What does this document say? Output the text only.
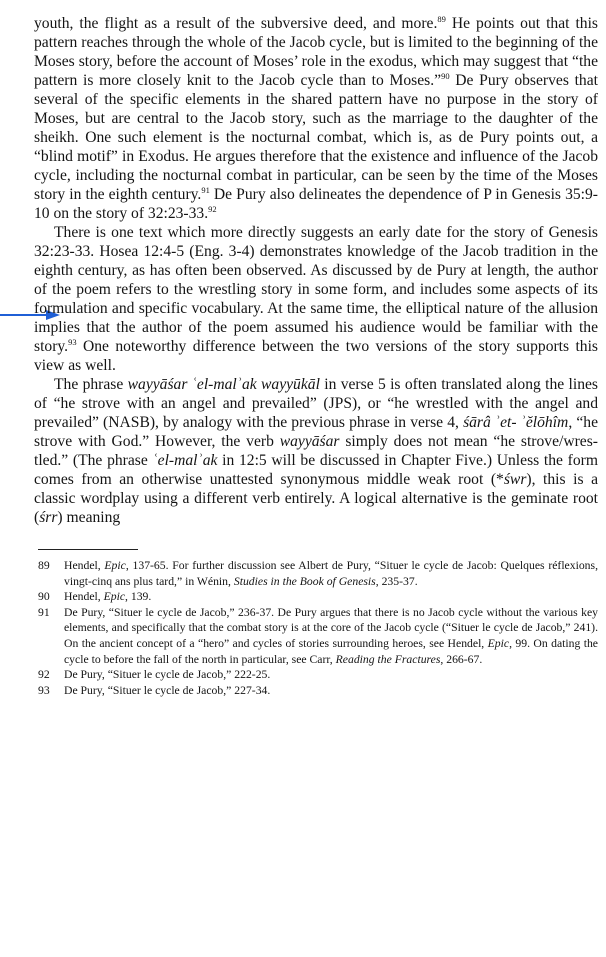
youth, the flight as a result of the subversive deed, and more.$^{89}$ He points out that this pattern reaches through the whole of the Jacob cycle, but is limited to the beginning of the Moses story, before the account of Moses’ role in the exodus, which may suggest that “the pattern is more closely knit to the Jacob cycle than to Moses.”$^{90}$ De Pury observes that several of the specific elements in the shared pattern have no purpose in the story of Moses, but are central to the Jacob story, such as the marriage to the daughter of the sheikh. One such element is the nocturnal combat, which is, as de Pury points out, a “blind motif” in Exodus. He argues therefore that the existence and influence of the Jacob cycle, including the nocturnal combat in particular, can be seen by the time of the Moses story in the eighth century.$^{91}$ De Pury also delineates the dependence of P in Genesis 35:9-10 on the story of 32:23-33.92

There is one text which more directly suggests an early date for the story of Genesis 32:23-33. Hosea 12:4-5 (Eng. 3-4) demonstrates knowledge of the Jacob tradition in the eighth century, as has often been observed. As discussed by de Pury at length, the author of the poem refers to the wrestling story in some form, and includes some aspects of its formulation and specific vocabulary. At the same time, the elliptical nature of the allusion implies that the author of the poem assumed his audience would be familiar with the story.$^{93}$ One noteworthy difference between the two versions of the story supports this view as well.

The phrase wayyāśar ʿel-malʾak wayyūkāl in verse 5 is often translated along the lines of “he strove with an angel and prevailed” (JPS), or “he wrestled with the angel and prevailed” (NASB), by analogy with the previous phrase in verse 4, śārâ ʾet- ʾĕlōhîm, “he strove with God.” However, the verb wayyāśar simply does not mean “he strove/wrestled.” (The phrase ʿel-malʾak in 12:5 will be discussed in Chapter Five.) Unless the form comes from an otherwise unattested synonymous middle weak root (*śwr), this is a classic wordplay using a different verb entirely. A logical alternative is the geminate root (śrr) meaning

89	Hendel, Epic, 137-65. For further discussion see Albert de Pury, “Situer le cycle de Jacob: Quelques réflexions, vingt-cinq ans plus tard,” in Wénin, Studies in the Book of Genesis, 235-37.
90	Hendel, Epic, 139.
91	De Pury, “Situer le cycle de Jacob,” 236-37. De Pury argues that there is no Jacob cycle without the various key elements, and specifically that the combat story is at the core of the Jacob cycle (“Situer le cycle de Jacob,” 241). On the ancient concept of a “hero” and cycles of stories surrounding heroes, see Hendel, Epic, 99. On dating the cycle to before the fall of the north in particular, see Carr, Reading the Fractures, 266-67.
92	De Pury, “Situer le cycle de Jacob,” 222-25.
93	De Pury, “Situer le cycle de Jacob,” 227-34.
